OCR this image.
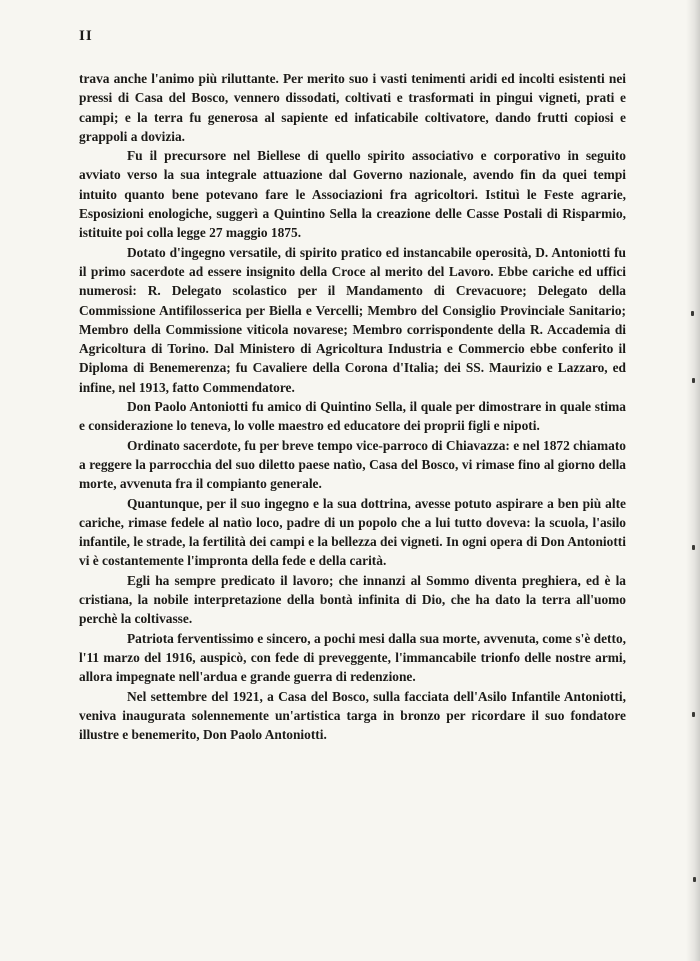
II

trava anche l'animo più riluttante. Per merito suo i vasti tenimenti aridi ed incolti esistenti nei pressi di Casa del Bosco, vennero dissodati, coltivati e trasformati in pingui vigneti, prati e campi; e la terra fu generosa al sapiente ed infaticabile coltivatore, dando frutti copiosi e grappoli a dovizia.

Fu il precursore nel Biellese di quello spirito associativo e corporativo in seguito avviato verso la sua integrale attuazione dal Governo nazionale, avendo fin da quei tempi intuito quanto bene potevano fare le Associazioni fra agricoltori. Istituì le Feste agrarie, Esposizioni enologiche, suggerì a Quintino Sella la creazione delle Casse Postali di Risparmio, istituite poi colla legge 27 maggio 1875.

Dotato d'ingegno versatile, di spirito pratico ed instancabile operosità, D. Antoniotti fu il primo sacerdote ad essere insignito della Croce al merito del Lavoro. Ebbe cariche ed uffici numerosi: R. Delegato scolastico per il Mandamento di Crevacuore; Delegato della Commissione Antifilosserica per Biella e Vercelli; Membro del Consiglio Provinciale Sanitario; Membro della Commissione viticola novarese; Membro corrispondente della R. Accademia di Agricoltura di Torino. Dal Ministero di Agricoltura Industria e Commercio ebbe conferito il Diploma di Benemerenza; fu Cavaliere della Corona d'Italia; dei SS. Maurizio e Lazzaro, ed infine, nel 1913, fatto Commendatore.

Don Paolo Antoniotti fu amico di Quintino Sella, il quale per dimostrare in quale stima e considerazione lo teneva, lo volle maestro ed educatore dei proprii figli e nipoti.

Ordinato sacerdote, fu per breve tempo vice-parroco di Chiavazza: e nel 1872 chiamato a reggere la parrocchia del suo diletto paese natìo, Casa del Bosco, vi rimase fino al giorno della morte, avvenuta fra il compianto generale.

Quantunque, per il suo ingegno e la sua dottrina, avesse potuto aspirare a ben più alte cariche, rimase fedele al natìo loco, padre di un popolo che a lui tutto doveva: la scuola, l'asilo infantile, le strade, la fertilità dei campi e la bellezza dei vigneti. In ogni opera di Don Antoniotti vi è costantemente l'impronta della fede e della carità.

Egli ha sempre predicato il lavoro; che innanzi al Sommo diventa preghiera, ed è la cristiana, la nobile interpretazione della bontà infinita di Dio, che ha dato la terra all'uomo perchè la coltivasse.

Patriota ferventissimo e sincero, a pochi mesi dalla sua morte, avvenuta, come s'è detto, l'11 marzo del 1916, auspicò, con fede di preveggente, l'immancabile trionfo delle nostre armi, allora impegnate nell'ardua e grande guerra di redenzione.

Nel settembre del 1921, a Casa del Bosco, sulla facciata dell'Asilo Infantile Antoniotti, veniva inaugurata solennemente un'artistica targa in bronzo per ricordare il suo fondatore illustre e benemerito, Don Paolo Antoniotti.
